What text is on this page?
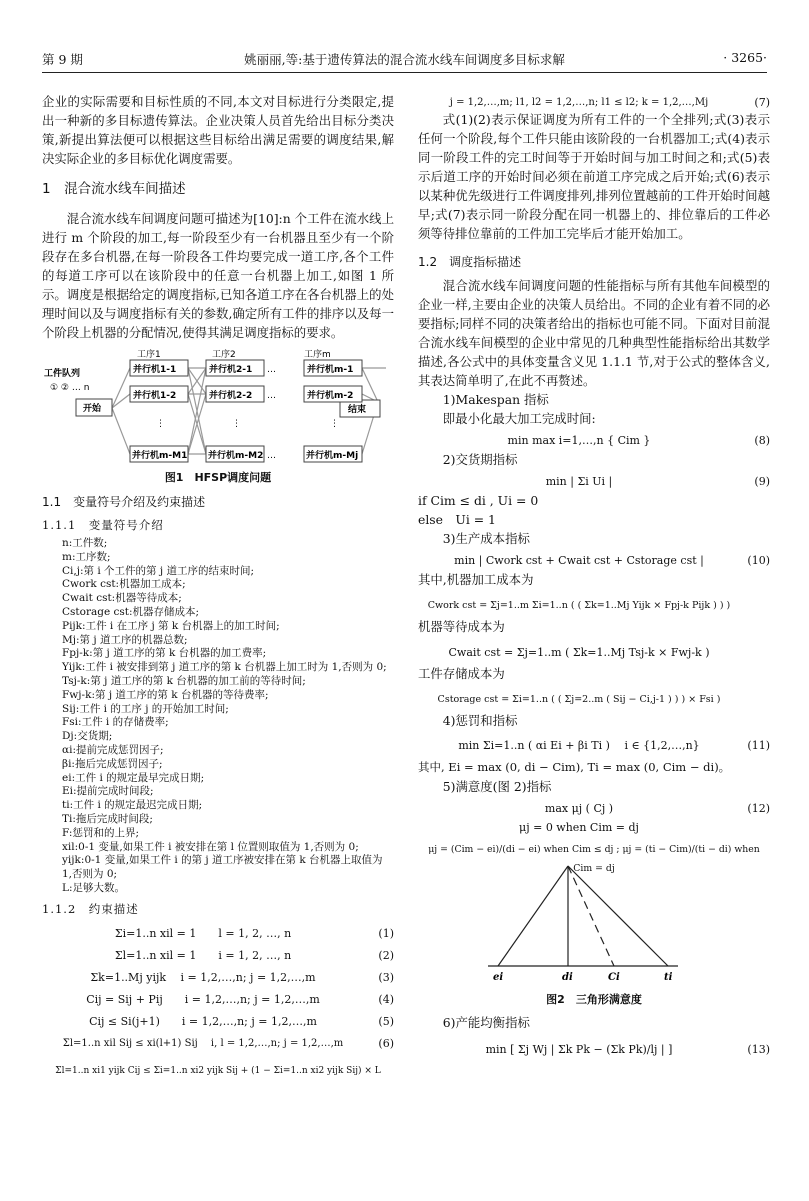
第 9 期	姚丽丽,等:基于遗传算法的混合流水线车间调度多目标求解	· 3265·

企业的实际需要和目标性质的不同,本文对目标进行分类限定,提出一种新的多目标遗传算法。企业决策人员首先给出目标分类决策,新提出算法便可以根据这些目标给出满足需要的调度结果,解决实际企业的多目标优化调度需要。

1　混合流水线车间描述

混合流水线车间调度问题可描述为[10]:n 个工件在流水线上进行 m 个阶段的加工,每一阶段至少有一台机器且至少有一个阶段存在多台机器,在每一阶段各工件均要完成一道工序,各个工件的每道工序可以在该阶段中的任意一台机器上加工,如图 1 所示。调度是根据给定的调度指标,已知各道工序在各台机器上的处理时间以及与调度指标有关的参数,确定所有工件的排序以及每一个阶段上机器的分配情况,使得其满足调度指标的要求。

工序1	工序2	工序m
工件队列
① ② … n
开始	结束
并行机1-1
并行机1-2
⋮
并行机m-M1
并行机2-1 …
并行机2-2 …
⋮
并行机m-M2 …
并行机m-1
并行机m-2
⋮
并行机m-Mj
图1　HFSP调度问题
1.1　变量符号介绍及约束描述
1.1.1　变量符号介绍
n:工件数;
m:工序数;
Ci,j:第 i 个工件的第 j 道工序的结束时间;
Cwork cst:机器加工成本;
Cwait cst:机器等待成本;
Cstorage cst:机器存储成本;
Pijk:工件 i 在工序 j 第 k 台机器上的加工时间;
Mj:第 j 道工序的机器总数;
Fpj-k:第 j 道工序的第 k 台机器的加工费率;
Yijk:工件 i 被安排到第 j 道工序的第 k 台机器上加工时为 1,否则为 0;
Tsj-k:第 j 道工序的第 k 台机器的加工前的等待时间;
Fwj-k:第 j 道工序的第 k 台机器的等待费率;
Sij:工件 i 的工序 j 的开始加工时间;
Fsi:工件 i 的存储费率;
Dj:交货期;
αi:提前完成惩罚因子;
βi:拖后完成惩罚因子;
ei:工件 i 的规定最早完成日期;
Ei:提前完成时间段;
ti:工件 i 的规定最迟完成日期;
Ti:拖后完成时间段;
F:惩罚和的上界;
xil:0-1 变量,如果工件 i 被安排在第 l 位置则取值为 1,否则为 0;
yijk:0-1 变量,如果工件 i 的第 j 道工序被安排在第 k 台机器上取值为 1,否则为 0;
L:足够大数。
1.1.2　约束描述
Σi=1..n xil = 1　　l = 1, 2, …, n	(1)
Σl=1..n xil = 1　　i = 1, 2, …, n	(2)
Σk=1..Mj yijk　 i = 1,2,…,n; j = 1,2,…,m	(3)
Cij = Sij + Pij　　i = 1,2,…,n; j = 1,2,…,m	(4)
Cij ≤ Si(j+1)　　i = 1,2,…,n; j = 1,2,…,m	(5)
Σl=1..n xil Sij ≤ xi(l+1) Sij　 i, l = 1,2,…,n; j = 1,2,…,m	(6)
Σl=1..n xi1 yijk Cij ≤ Σi=1..n xi2 yijk Sij + (1 − Σi=1..n xi2 yijk Sij) × L
j = 1,2,…,m; l1, l2 = 1,2,…,n; l1 ≤ l2; k = 1,2,…,Mj	(7)

式(1)(2)表示保证调度为所有工件的一个全排列;式(3)表示任何一个阶段,每个工件只能由该阶段的一台机器加工;式(4)表示同一阶段工件的完工时间等于开始时间与加工时间之和;式(5)表示后道工序的开始时间必须在前道工序完成之后开始;式(6)表示以某种优先级进行工件调度排列,排列位置越前的工件开始时间越早;式(7)表示同一阶段分配在同一机器上的、排位靠后的工件必须等待排位靠前的工件加工完毕后才能开始加工。

1.2　调度指标描述

混合流水线车间调度问题的性能指标与所有其他车间模型的企业一样,主要由企业的决策人员给出。不同的企业有着不同的必要指标;同样不同的决策者给出的指标也可能不同。下面对目前混合流水线车间模型的企业中常见的几种典型性能指标给出其数学描述,各公式中的具体变量含义见 1.1.1 节,对于公式的整体含义,其表达简单明了,在此不再赘述。

1)Makespan 指标

即最小化最大加工完成时间:

min max i=1,…,n { Cim }	(8)

2)交货期指标

min | Σi Ui |	(9)

if Cim ≤ di , Ui = 0

else　Ui = 1

3)生产成本指标

min | Cwork cst + Cwait cst + Cstorage cst |	(10)

其中,机器加工成本为

Cwork cst = Σj=1..m Σi=1..n ( ( Σk=1..Mj Yijk × Fpj-k Pijk ) ) )

机器等待成本为

Cwait cst = Σj=1..m ( Σk=1..Mj Tsj-k × Fwj-k )

工件存储成本为

Cstorage cst = Σi=1..n ( ( Σj=2..m ( Sij − Ci,j-1 ) ) ) × Fsi )

4)惩罚和指标

min Σi=1..n ( αi Ei + βi Ti )　 i ∈ {1,2,…,n}	(11)

其中, Ei = max (0, di − Cim), Ti = max (0, Cim − di)。

5)满意度(图 2)指标

max μj ( Cj )	(12)
μj = 0 when Cim = dj
μj = (Cim − ei)/(di − ei) when Cim ≤ dj ; μj = (ti − Cim)/(ti − di) when Cim = dj
ei	di	Ci	ti
图2　三角形满意度

6)产能均衡指标

min [ Σj Wj | Σk Pk − (Σk Pk)/lj | ]	(13)
